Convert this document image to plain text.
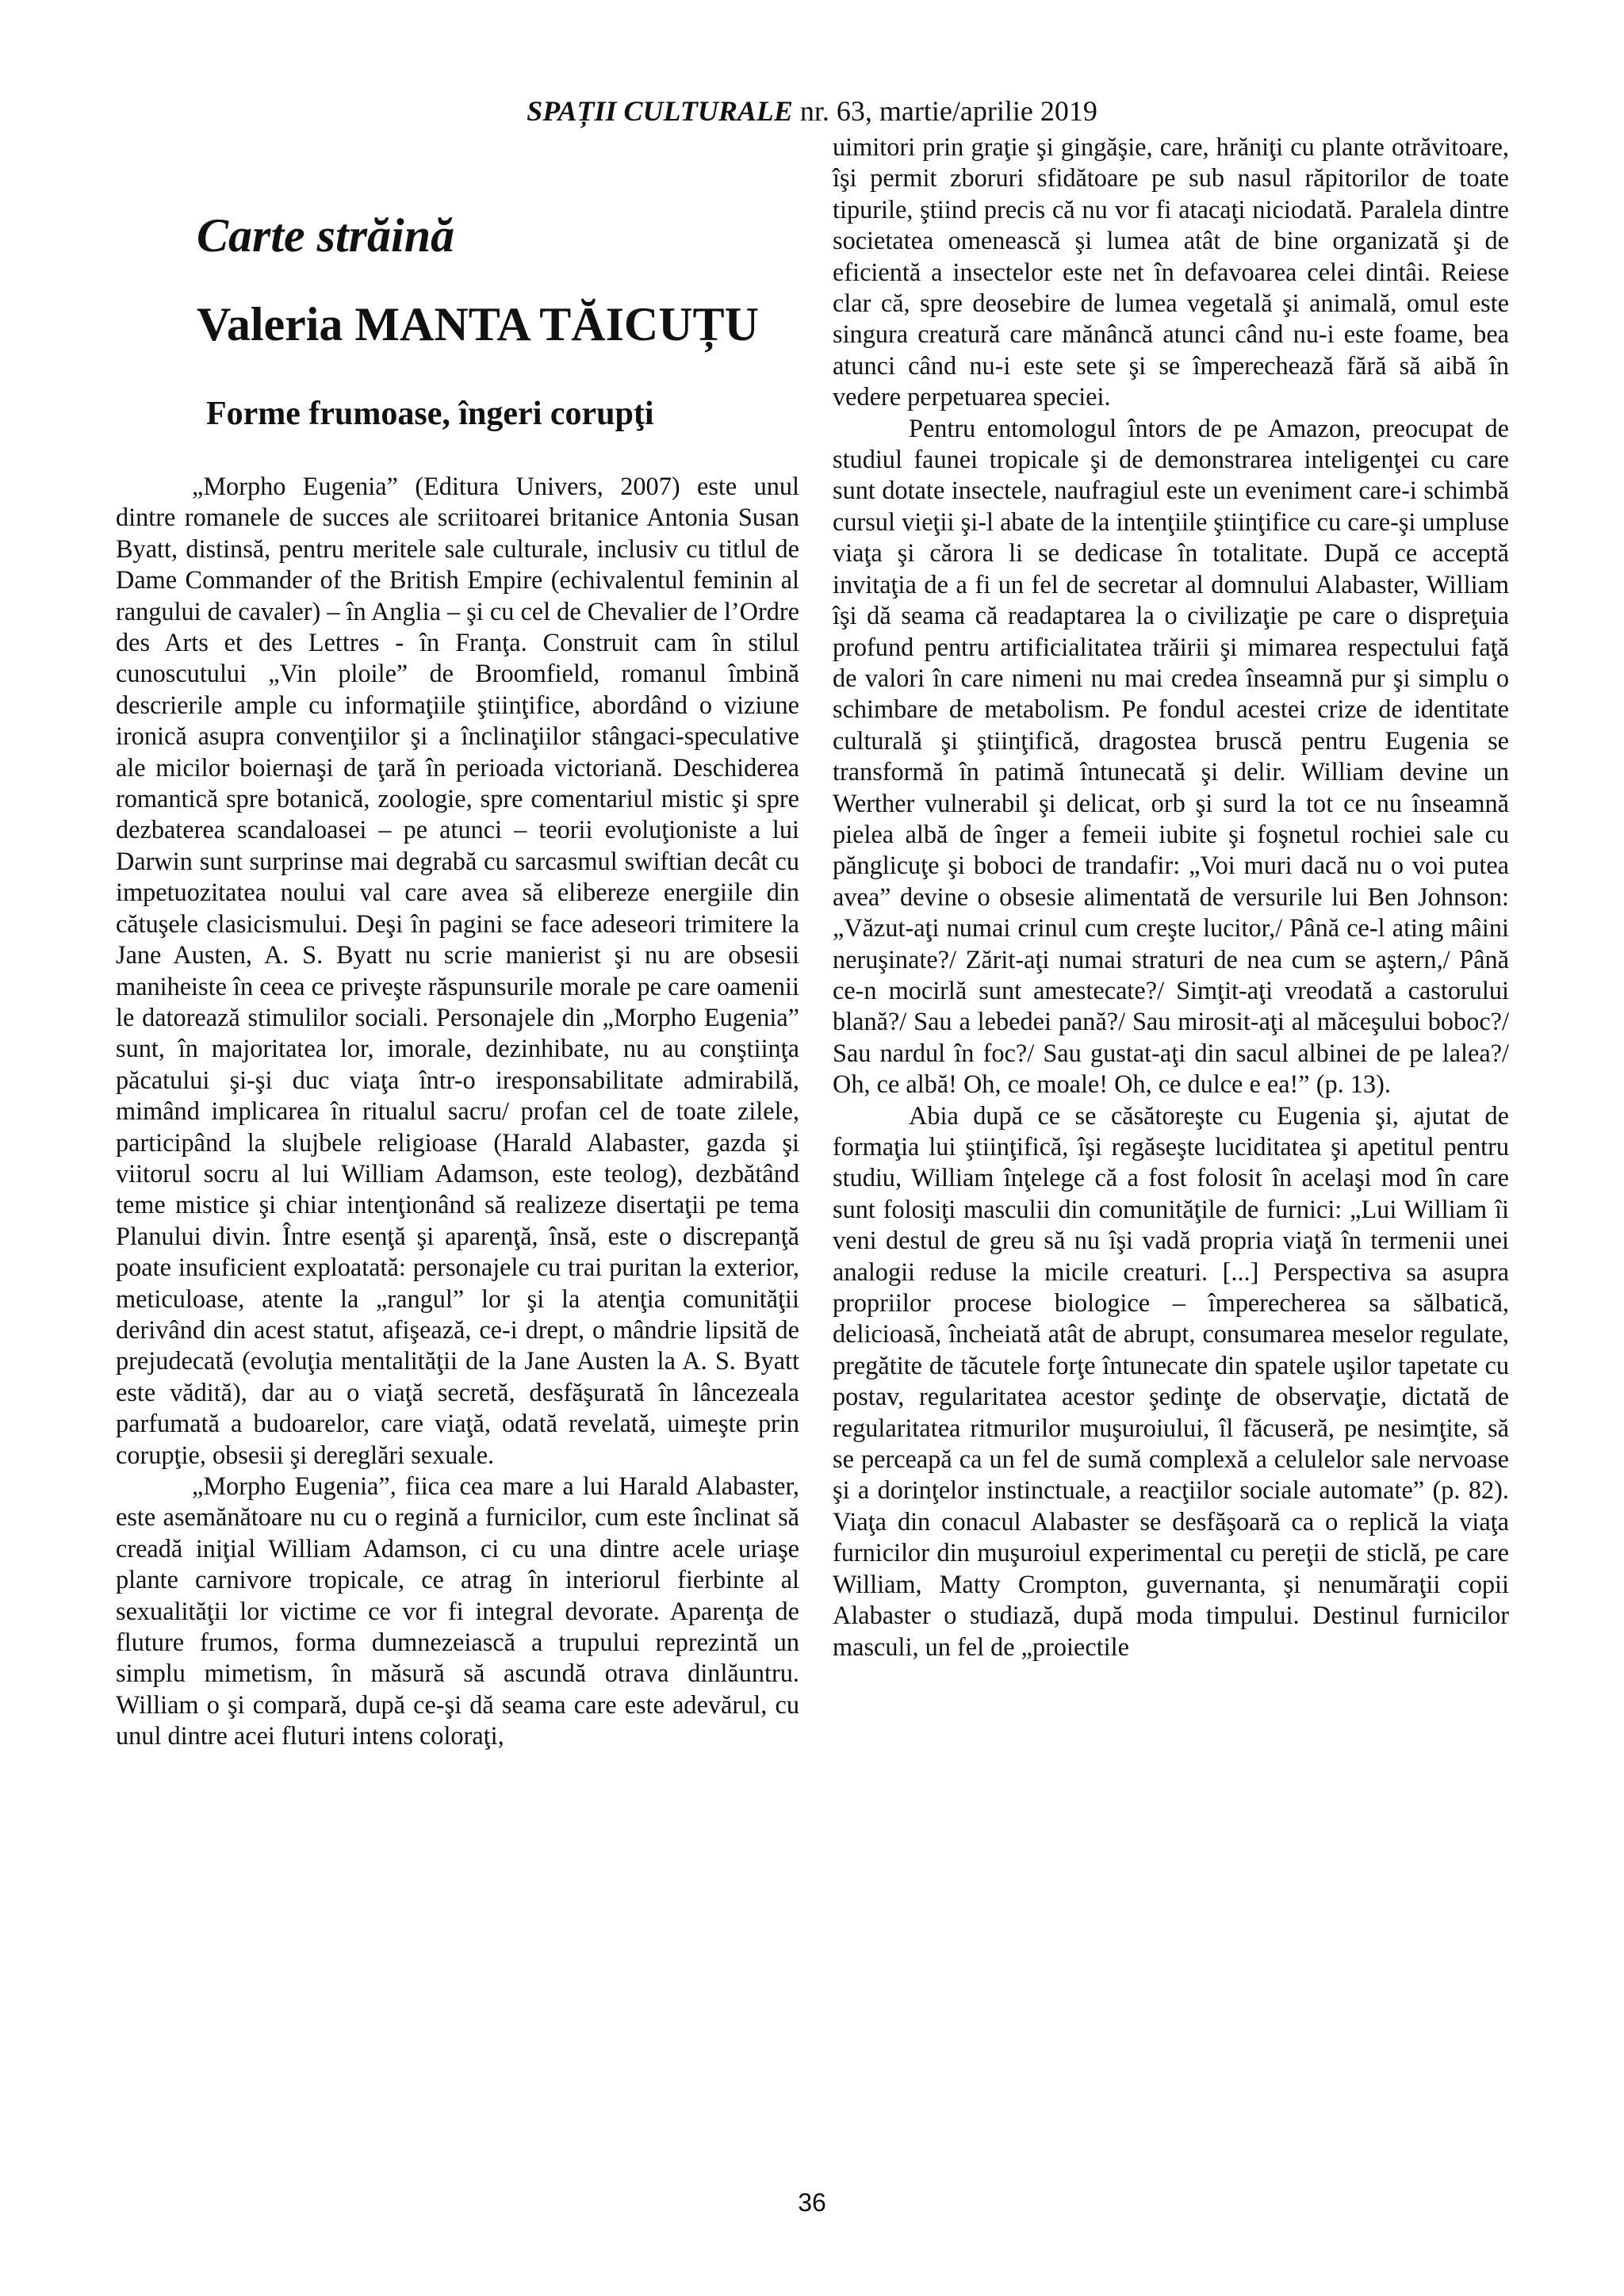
SPAȚII CULTURALE nr. 63, martie/aprilie 2019
Carte străină
Valeria MANTA TĂICUȚU
Forme frumoase, îngeri corupţi

„Morpho Eugenia” (Editura Univers, 2007) este unul dintre romanele de succes ale scriitoarei britanice Antonia Susan Byatt, distinsă, pentru meritele sale culturale, inclusiv cu titlul de Dame Commander of the British Empire (echivalentul feminin al rangului de cavaler) – în Anglia – şi cu cel de Chevalier de l’Ordre des Arts et des Lettres - în Franţa. Construit cam în stilul cunoscutului „Vin ploile” de Broomfield, romanul îmbină descrierile ample cu informaţiile ştiinţifice, abordând o viziune ironică asupra convenţiilor şi a înclinaţiilor stângaci-speculative ale micilor boiernaşi de ţară în perioada victoriană. Deschiderea romantică spre botanică, zoologie, spre comentariul mistic şi spre dezbaterea scandaloasei – pe atunci – teorii evoluţioniste a lui Darwin sunt surprinse mai degrabă cu sarcasmul swiftian decât cu impetuozitatea noului val care avea să elibereze energiile din cătuşele clasicismului. Deşi în pagini se face adeseori trimitere la Jane Austen, A. S. Byatt nu scrie manierist şi nu are obsesii maniheiste în ceea ce priveşte răspunsurile morale pe care oamenii le datorează stimulilor sociali. Personajele din „Morpho Eugenia” sunt, în majoritatea lor, imorale, dezinhibate, nu au conştiinţa păcatului şi-şi duc viaţa într-o iresponsabilitate admirabilă, mimând implicarea în ritualul sacru/ profan cel de toate zilele, participând la slujbele religioase (Harald Alabaster, gazda şi viitorul socru al lui William Adamson, este teolog), dezbătând teme mistice şi chiar intenţionând să realizeze disertaţii pe tema Planului divin. Între esenţă şi aparenţă, însă, este o discrepanţă poate insuficient exploatată: personajele cu trai puritan la exterior, meticuloase, atente la „rangul” lor şi la atenţia comunităţii derivând din acest statut, afişează, ce-i drept, o mândrie lipsită de prejudecată (evoluţia mentalităţii de la Jane Austen la A. S. Byatt este vădită), dar au o viaţă secretă, desfăşurată în lâncezeala parfumată a budoarelor, care viaţă, odată revelată, uimeşte prin corupţie, obsesii şi dereglări sexuale.

„Morpho Eugenia”, fiica cea mare a lui Harald Alabaster, este asemănătoare nu cu o regină a furnicilor, cum este înclinat să creadă iniţial William Adamson, ci cu una dintre acele uriaşe plante carnivore tropicale, ce atrag în interiorul fierbinte al sexualităţii lor victime ce vor fi integral devorate. Aparenţa de fluture frumos, forma dumnezeiască a trupului reprezintă un simplu mimetism, în măsură să ascundă otrava dinlăuntru. William o şi compară, după ce-şi dă seama care este adevărul, cu unul dintre acei fluturi intens coloraţi,

uimitori prin graţie şi gingăşie, care, hrăniţi cu plante otrăvitoare, îşi permit zboruri sfidătoare pe sub nasul răpitorilor de toate tipurile, ştiind precis că nu vor fi atacaţi niciodată. Paralela dintre societatea omenească şi lumea atât de bine organizată şi de eficientă a insectelor este net în defavoarea celei dintâi. Reiese clar că, spre deosebire de lumea vegetală şi animală, omul este singura creatură care mănâncă atunci când nu-i este foame, bea atunci când nu-i este sete şi se împerechează fără să aibă în vedere perpetuarea speciei.

Pentru entomologul întors de pe Amazon, preocupat de studiul faunei tropicale şi de demonstrarea inteligenţei cu care sunt dotate insectele, naufragiul este un eveniment care-i schimbă cursul vieţii şi-l abate de la intenţiile ştiinţifice cu care-şi umpluse viaţa şi cărora li se dedicase în totalitate. După ce acceptă invitaţia de a fi un fel de secretar al domnului Alabaster, William îşi dă seama că readaptarea la o civilizaţie pe care o dispreţuia profund pentru artificialitatea trăirii şi mimarea respectului faţă de valori în care nimeni nu mai credea înseamnă pur şi simplu o schimbare de metabolism. Pe fondul acestei crize de identitate culturală şi ştiinţifică, dragostea bruscă pentru Eugenia se transformă în patimă întunecată şi delir. William devine un Werther vulnerabil şi delicat, orb şi surd la tot ce nu înseamnă pielea albă de înger a femeii iubite şi foşnetul rochiei sale cu pănglicuţe şi boboci de trandafir: „Voi muri dacă nu o voi putea avea” devine o obsesie alimentată de versurile lui Ben Johnson: „Văzut-aţi numai crinul cum creşte lucitor,/ Până ce-l ating mâini neruşinate?/ Zărit-aţi numai straturi de nea cum se aştern,/ Până ce-n mocirlă sunt amestecate?/ Simţit-aţi vreodată a castorului blană?/ Sau a lebedei pană?/ Sau mirosit-aţi al măceşului boboc?/ Sau nardul în foc?/ Sau gustat-aţi din sacul albinei de pe lalea?/ Oh, ce albă! Oh, ce moale! Oh, ce dulce e ea!” (p. 13).

Abia după ce se căsătoreşte cu Eugenia şi, ajutat de formaţia lui ştiinţifică, îşi regăseşte luciditatea şi apetitul pentru studiu, William înţelege că a fost folosit în acelaşi mod în care sunt folosiţi masculii din comunităţile de furnici: „Lui William îi veni destul de greu să nu îşi vadă propria viaţă în termenii unei analogii reduse la micile creaturi. [...] Perspectiva sa asupra propriilor procese biologice – împerecherea sa sălbatică, delicioasă, încheiată atât de abrupt, consumarea meselor regulate, pregătite de tăcutele forţe întunecate din spatele uşilor tapetate cu postav, regularitatea acestor şedinţe de observaţie, dictată de regularitatea ritmurilor muşuroiului, îl făcuseră, pe nesimţite, să se perceapă ca un fel de sumă complexă a celulelor sale nervoase şi a dorinţelor instinctuale, a reacţiilor sociale automate” (p. 82). Viaţa din conacul Alabaster se desfăşoară ca o replică la viaţa furnicilor din muşuroiul experimental cu pereţii de sticlă, pe care William, Matty Crompton, guvernanta, şi nenumăraţii copii Alabaster o studiază, după moda timpului. Destinul furnicilor masculi, un fel de „proiectile

36
